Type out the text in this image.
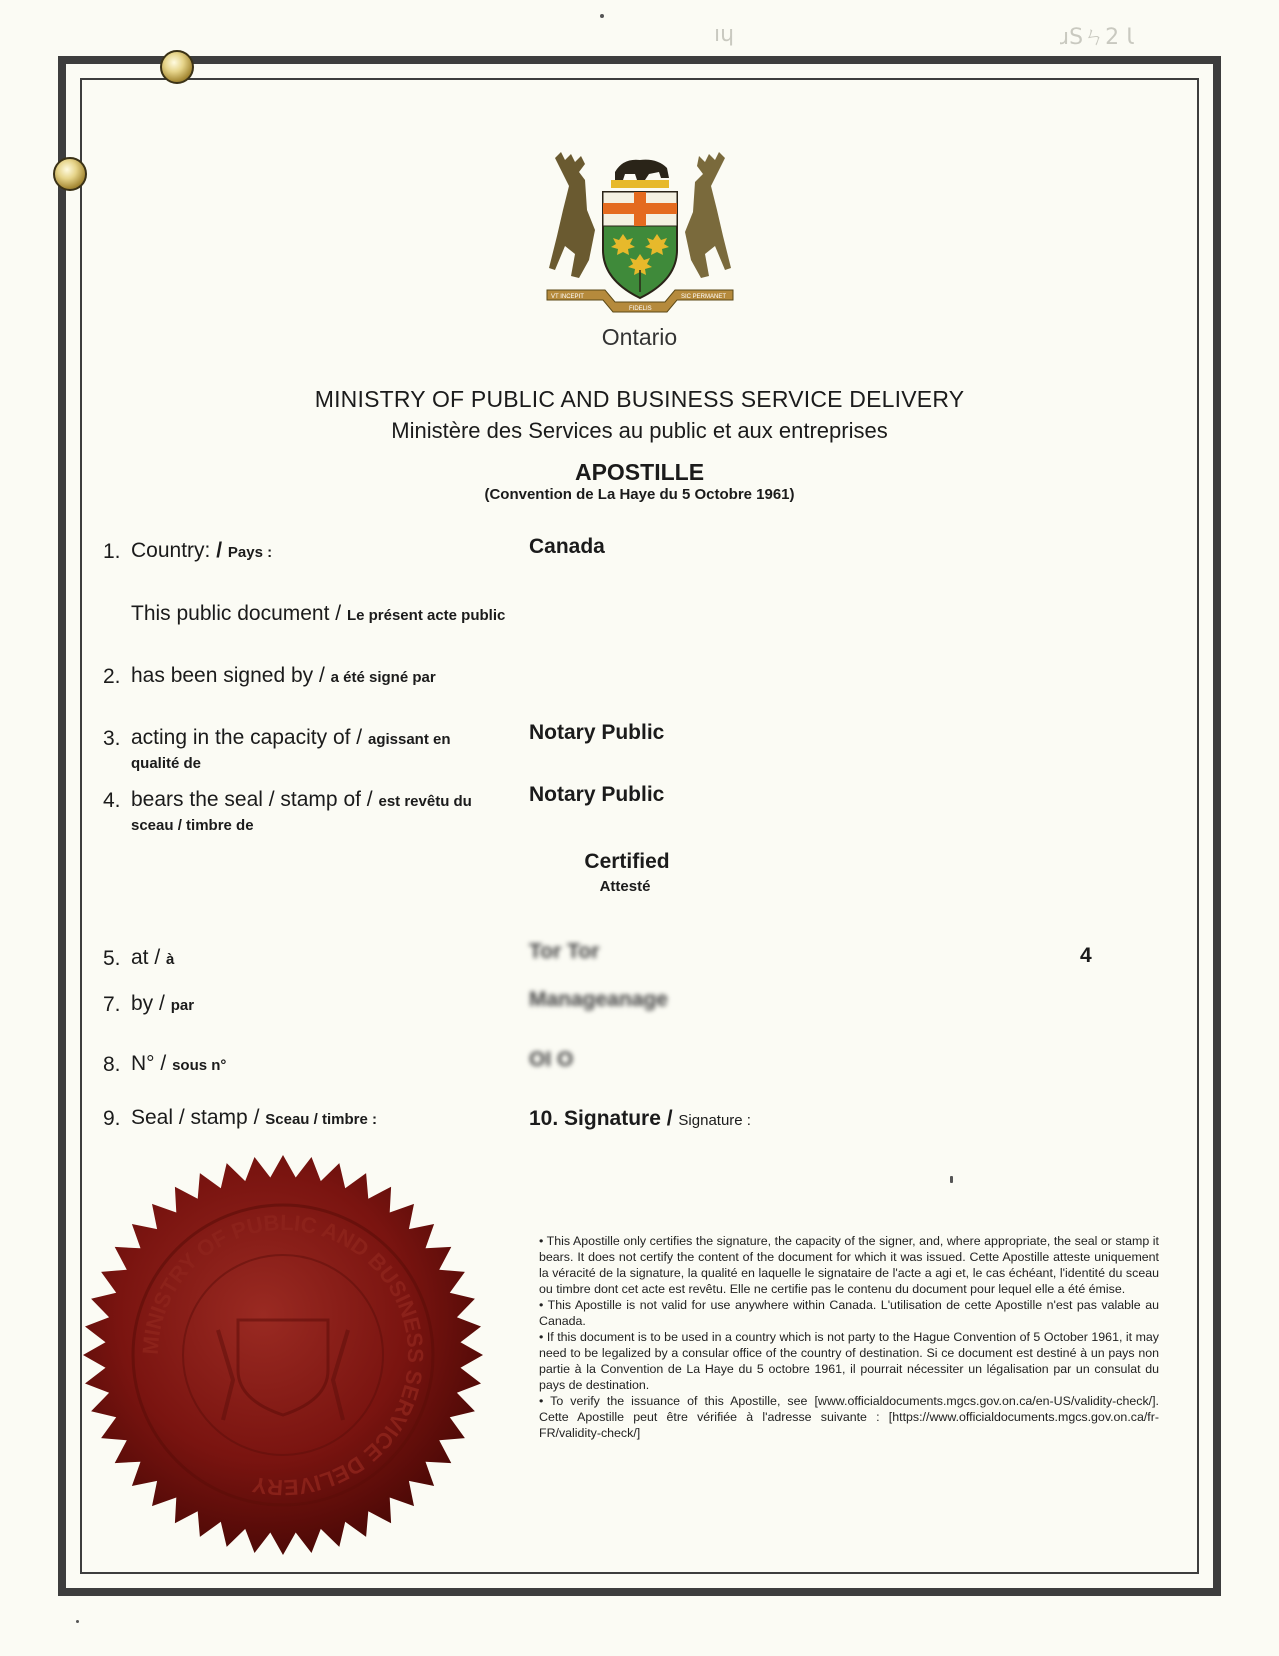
ıɥ	ɹSㄣ2 Ɩ
VT INCEPIT
FIDELIS
SIC PERMANET
Ontario
MINISTRY OF PUBLIC AND BUSINESS SERVICE DELIVERY
Ministère des Services au public et aux entreprises
APOSTILLE
(Convention de La Haye du 5 Octobre 1961)
1. Country: / Pays :	Canada
This public document / Le présent acte public
2. has been signed by / a été signé par
3. acting in the capacity of / agissant en
qualité de
Notary Public
4. bears the seal / stamp of / est revêtu du
sceau / timbre de
Notary Public
Certified
Attesté
5. at / à	Tor Tor	4
7. by / par	Manageanage
8. N° / sous n°	OI O
9. Seal / stamp / Sceau / timbre :	10. Signature / Signature :
MINISTRY OF PUBLIC AND BUSINESS SERVICE DELIVERY

• This Apostille only certifies the signature, the capacity of the signer, and, where appropriate, the seal or stamp it bears. It does not certify the content of the document for which it was issued. Cette Apostille atteste uniquement la véracité de la signature, la qualité en laquelle le signataire de l'acte a agi et, le cas échéant, l'identité du sceau ou timbre dont cet acte est revêtu. Elle ne certifie pas le contenu du document pour lequel elle a été émise.

• This Apostille is not valid for use anywhere within Canada. L'utilisation de cette Apostille n'est pas valable au Canada.

• If this document is to be used in a country which is not party to the Hague Convention of 5 October 1961, it may need to be legalized by a consular office of the country of destination. Si ce document est destiné à un pays non partie à la Convention de La Haye du 5 octobre 1961, il pourrait nécessiter un légalisation par un consulat du pays de destination.

• To verify the issuance of this Apostille, see [www.officialdocuments.mgcs.gov.on.ca/en-US/validity-check/]. Cette Apostille peut être vérifiée à l'adresse suivante : [https://www.officialdocuments.mgcs.gov.on.ca/fr-FR/validity-check/]
